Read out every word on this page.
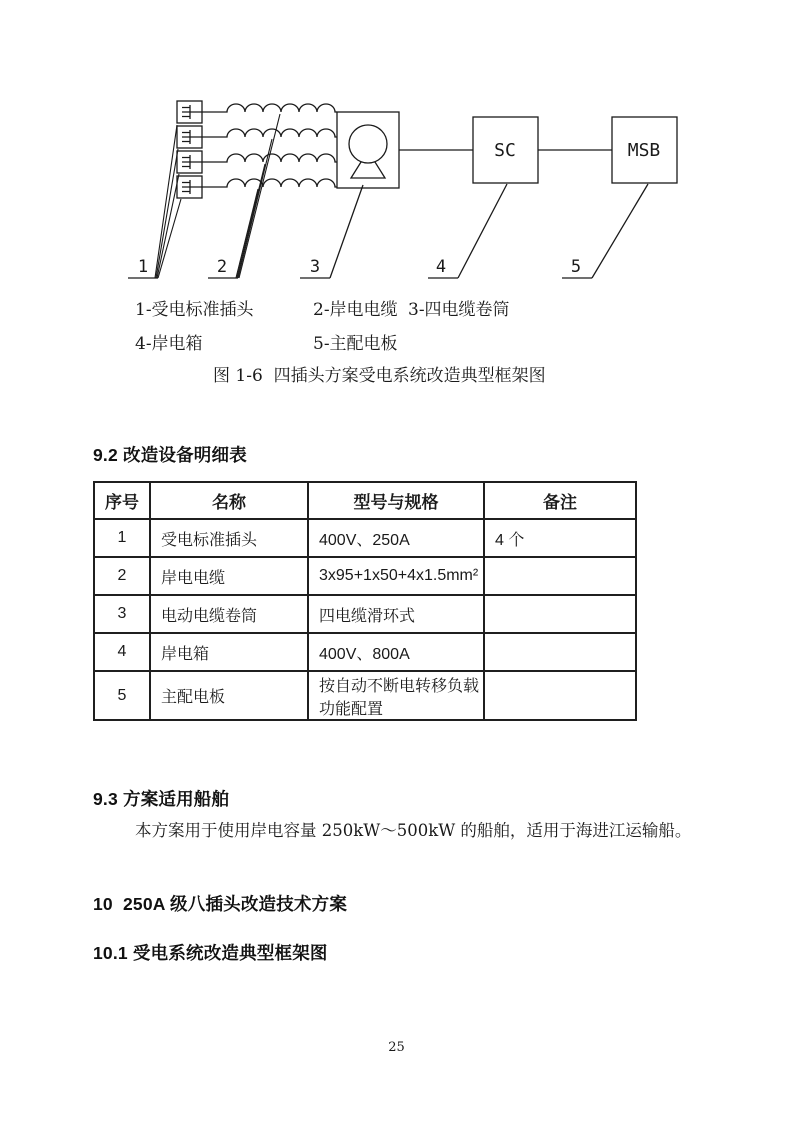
SC	MSB
1	2	3	4	5
1-受电标准插头	2-岸电电缆 3-四电缆卷筒
4-岸电箱	5-主配电板
图 1-6  四插头方案受电系统改造典型框架图
9.2 改造设备明细表
序号	名称	型号与规格	备注
1	受电标准插头	400V、250A	4 个
2	岸电电缆	3x95+1x50+4x1.5mm²	
3	电动电缆卷筒	四电缆滑环式	
4	岸电箱	400V、800A	
5	主配电板	按自动不断电转移负载功能配置	
9.3 方案适用船舶
本方案用于使用岸电容量 250kW～500kW 的船舶，适用于海进江运输船。
10  250A 级八插头改造技术方案
10.1 受电系统改造典型框架图
25
